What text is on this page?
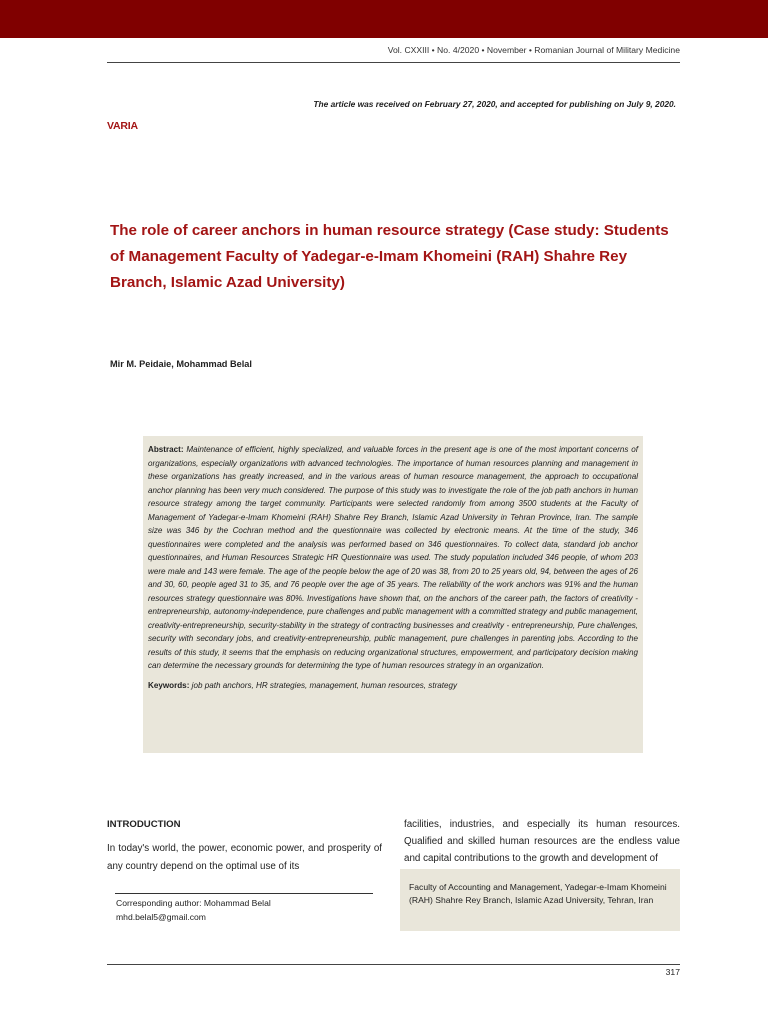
Vol. CXXIII • No. 4/2020 • November • Romanian Journal of Military Medicine
The article was received on February 27, 2020, and accepted for publishing on July 9, 2020.
VARIA
The role of career anchors in human resource strategy (Case study: Students of Management Faculty of Yadegar-e-Imam Khomeini (RAH) Shahre Rey Branch, Islamic Azad University)
Mir M. Peidaie, Mohammad Belal

Abstract: Maintenance of efficient, highly specialized, and valuable forces in the present age is one of the most important concerns of organizations, especially organizations with advanced technologies. The importance of human resources planning and management in these organizations has greatly increased, and in the various areas of human resource management, the approach to occupational anchor planning has been very much considered. The purpose of this study was to investigate the role of the job path anchors in human resource strategy among the target community. Participants were selected randomly from among 3500 students at the Faculty of Management of Yadegar-e-Imam Khomeini (RAH) Shahre Rey Branch, Islamic Azad University in Tehran Province, Iran. The sample size was 346 by the Cochran method and the questionnaire was collected by electronic means. At the time of the study, 346 questionnaires were completed and the analysis was performed based on 346 questionnaires. To collect data, standard job anchor questionnaires, and Human Resources Strategic HR Questionnaire was used. The study population included 346 people, of whom 203 were male and 143 were female. The age of the people below the age of 20 was 38, from 20 to 25 years old, 94, between the ages of 26 and 30, 60, people aged 31 to 35, and 76 people over the age of 35 years. The reliability of the work anchors was 91% and the human resources strategy questionnaire was 80%. Investigations have shown that, on the anchors of the career path, the factors of creativity - entrepreneurship, autonomy-independence, pure challenges and public management with a committed strategy and public management, creativity-entrepreneurship, security-stability in the strategy of contracting businesses and creativity - entrepreneurship, Pure challenges, security with secondary jobs, and creativity-entrepreneurship, public management, pure challenges in parenting jobs. According to the results of this study, it seems that the emphasis on reducing organizational structures, empowerment, and participatory decision making can determine the necessary grounds for determining the type of human resources strategy in an organization.

Keywords: job path anchors, HR strategies, management, human resources, strategy

INTRODUCTION

In today's world, the power, economic power, and prosperity of any country depend on the optimal use of its

facilities, industries, and especially its human resources. Qualified and skilled human resources are the endless value and capital contributions to the growth and development of

Corresponding author: Mohammad Belal
mhd.belal5@gmail.com
Faculty of Accounting and Management, Yadegar-e-Imam Khomeini (RAH) Shahre Rey Branch, Islamic Azad University, Tehran, Iran
317
